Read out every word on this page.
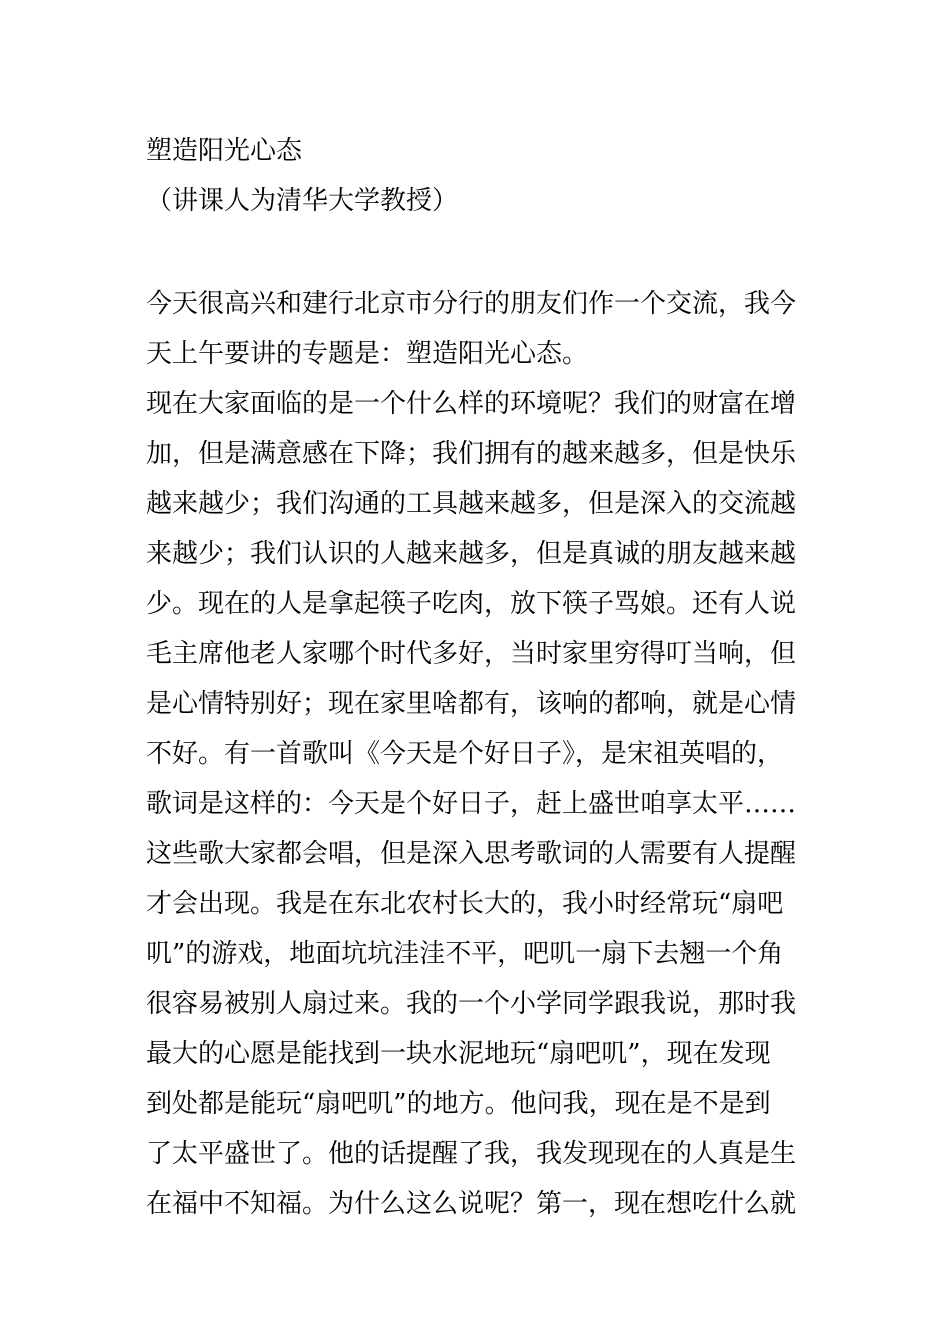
塑造阳光心态
（讲课人为清华大学教授）
今天很高兴和建行北京市分行的朋友们作一个交流，我今
天上午要讲的专题是：塑造阳光心态。
现在大家面临的是一个什么样的环境呢？我们的财富在增
加，但是满意感在下降；我们拥有的越来越多，但是快乐
越来越少；我们沟通的工具越来越多，但是深入的交流越
来越少；我们认识的人越来越多，但是真诚的朋友越来越
少。现在的人是拿起筷子吃肉，放下筷子骂娘。还有人说
毛主席他老人家哪个时代多好，当时家里穷得叮当响，但
是心情特别好；现在家里啥都有，该响的都响，就是心情
不好。有一首歌叫《今天是个好日子》，是宋祖英唱的，
歌词是这样的：今天是个好日子，赶上盛世咱享太平……
这些歌大家都会唱，但是深入思考歌词的人需要有人提醒
才会出现。我是在东北农村长大的，我小时经常玩“扇吧
叽”的游戏，地面坑坑洼洼不平，吧叽一扇下去翘一个角
很容易被别人扇过来。我的一个小学同学跟我说，那时我
最大的心愿是能找到一块水泥地玩“扇吧叽”，现在发现
到处都是能玩“扇吧叽”的地方。他问我，现在是不是到
了太平盛世了。他的话提醒了我，我发现现在的人真是生
在福中不知福。为什么这么说呢？第一，现在想吃什么就
